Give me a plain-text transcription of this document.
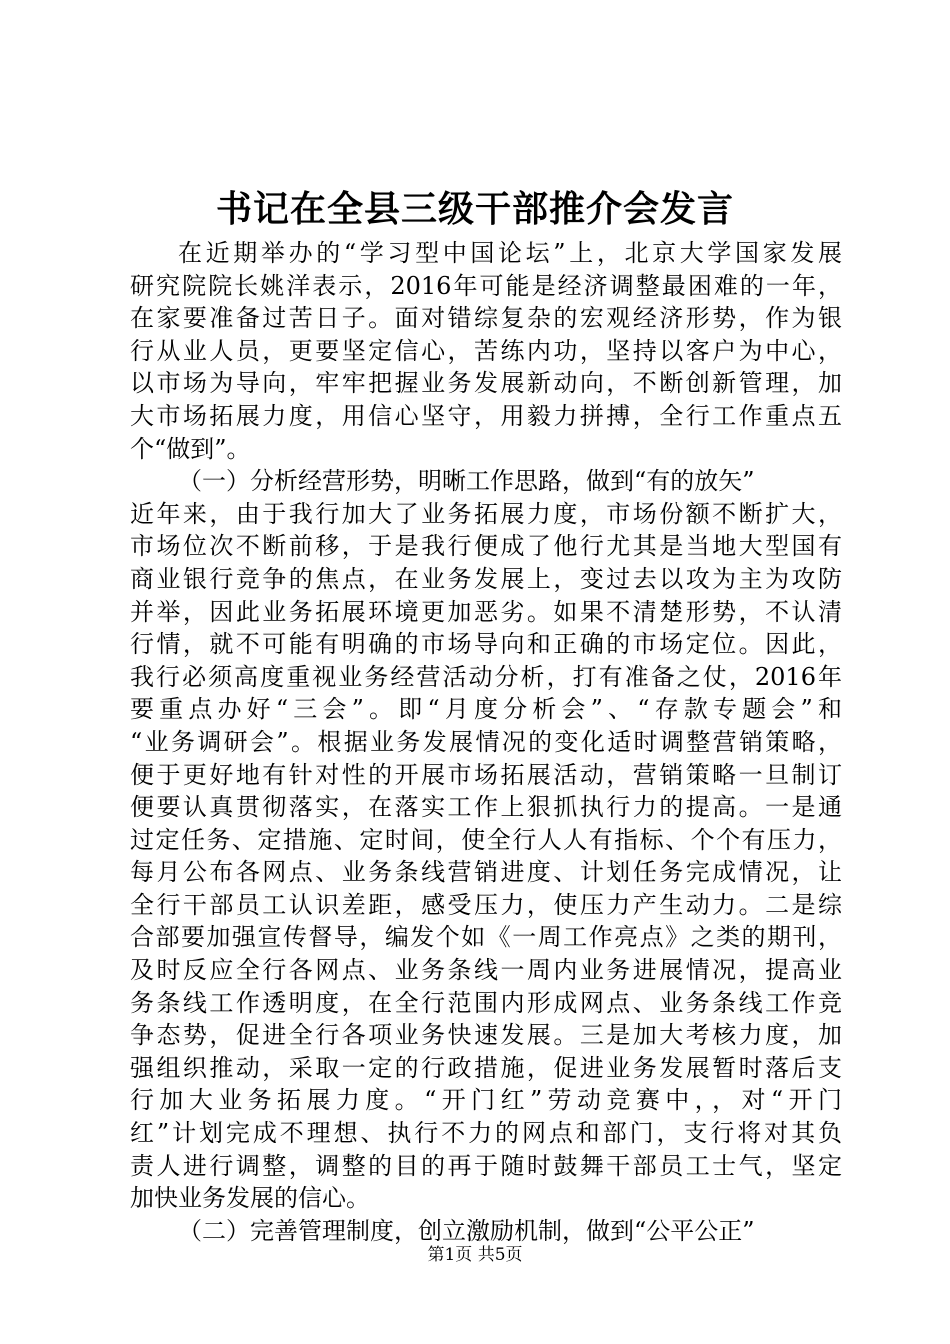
书记在全县三级干部推介会发言
在近期举办的“学习型中国论坛”上，北京大学国家发展
研究院院长姚洋表示，2016年可能是经济调整最困难的一年，
在家要准备过苦日子。面对错综复杂的宏观经济形势，作为银
行从业人员，更要坚定信心，苦练内功，坚持以客户为中心，
以市场为导向，牢牢把握业务发展新动向，不断创新管理，加
大市场拓展力度，用信心坚守，用毅力拼搏，全行工作重点五
个“做到”。
（一）分析经营形势，明晰工作思路，做到“有的放矢”
近年来，由于我行加大了业务拓展力度，市场份额不断扩大，
市场位次不断前移，于是我行便成了他行尤其是当地大型国有
商业银行竞争的焦点，在业务发展上，变过去以攻为主为攻防
并举，因此业务拓展环境更加恶劣。如果不清楚形势，不认清
行情，就不可能有明确的市场导向和正确的市场定位。因此，
我行必须高度重视业务经营活动分析，打有准备之仗，2016年
要重点办好“三会”。即“月度分析会”、“存款专题会”和
“业务调研会”。根据业务发展情况的变化适时调整营销策略，
便于更好地有针对性的开展市场拓展活动，营销策略一旦制订
便要认真贯彻落实，在落实工作上狠抓执行力的提高。一是通
过定任务、定措施、定时间，使全行人人有指标、个个有压力，
每月公布各网点、业务条线营销进度、计划任务完成情况，让
全行干部员工认识差距，感受压力，使压力产生动力。二是综
合部要加强宣传督导，编发个如《一周工作亮点》之类的期刊，
及时反应全行各网点、业务条线一周内业务进展情况，提高业
务条线工作透明度，在全行范围内形成网点、业务条线工作竞
争态势，促进全行各项业务快速发展。三是加大考核力度，加
强组织推动，采取一定的行政措施，促进业务发展暂时落后支
行加大业务拓展力度。“开门红”劳动竞赛中，，对“开门
红”计划完成不理想、执行不力的网点和部门，支行将对其负
责人进行调整，调整的目的再于随时鼓舞干部员工士气，坚定
加快业务发展的信心。
（二）完善管理制度，创立激励机制，做到“公平公正”
第1页 共5页
